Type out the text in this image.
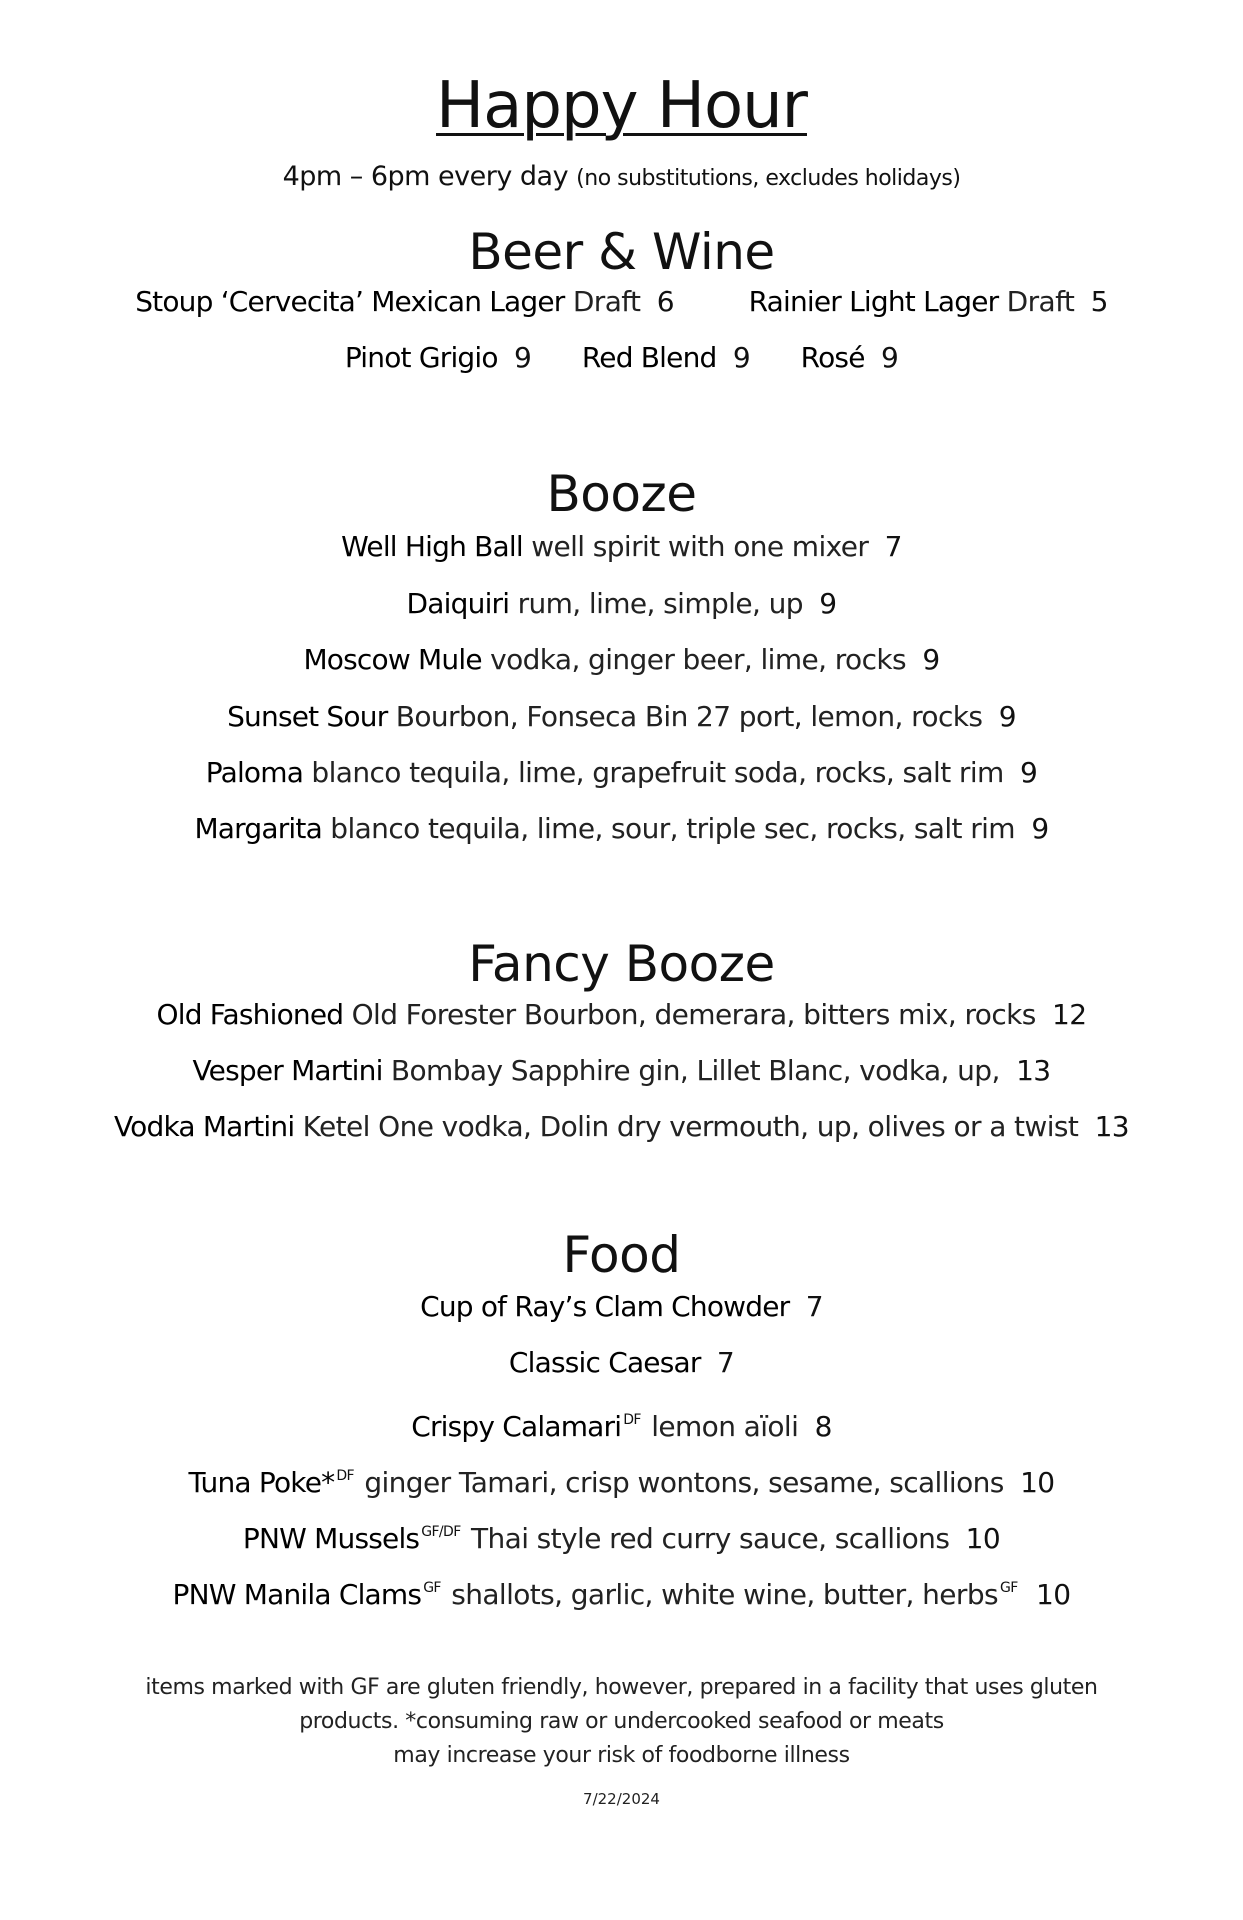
Happy Hour
4pm – 6pm every day (no substitutions, excludes holidays)
Beer & Wine
Stoup ‘Cervecita’ Mexican Lager Draft 6	Rainier Light Lager Draft 5
Pinot Grigio 9 Red Blend 9 Rosé 9
Booze
Well High Ball well spirit with one mixer 7
Daiquiri rum, lime, simple, up 9
Moscow Mule vodka, ginger beer, lime, rocks 9
Sunset Sour Bourbon, Fonseca Bin 27 port, lemon, rocks 9
Paloma blanco tequila, lime, grapefruit soda, rocks, salt rim 9
Margarita blanco tequila, lime, sour, triple sec, rocks, salt rim 9
Fancy Booze
Old Fashioned Old Forester Bourbon, demerara, bitters mix, rocks 12
Vesper Martini Bombay Sapphire gin, Lillet Blanc, vodka, up, 13
Vodka Martini Ketel One vodka, Dolin dry vermouth, up, olives or a twist 13
Food
Cup of Ray’s Clam Chowder 7
Classic Caesar 7
Crispy Calamari $^{DF}$ lemon aïoli 8
Tuna Poke* $^{DF}$ ginger Tamari, crisp wontons, sesame, scallions 10
PNW Mussels $^{GF/DF}$ Thai style red curry sauce, scallions 10
PNW Manila Clams $^{GF}$ shallots, garlic, white wine, butter, herbs $^{GF}$ 10
items marked with GF are gluten friendly, however, prepared in a facility that uses gluten
products. *consuming raw or undercooked seafood or meats
may increase your risk of foodborne illness
7/22/2024
